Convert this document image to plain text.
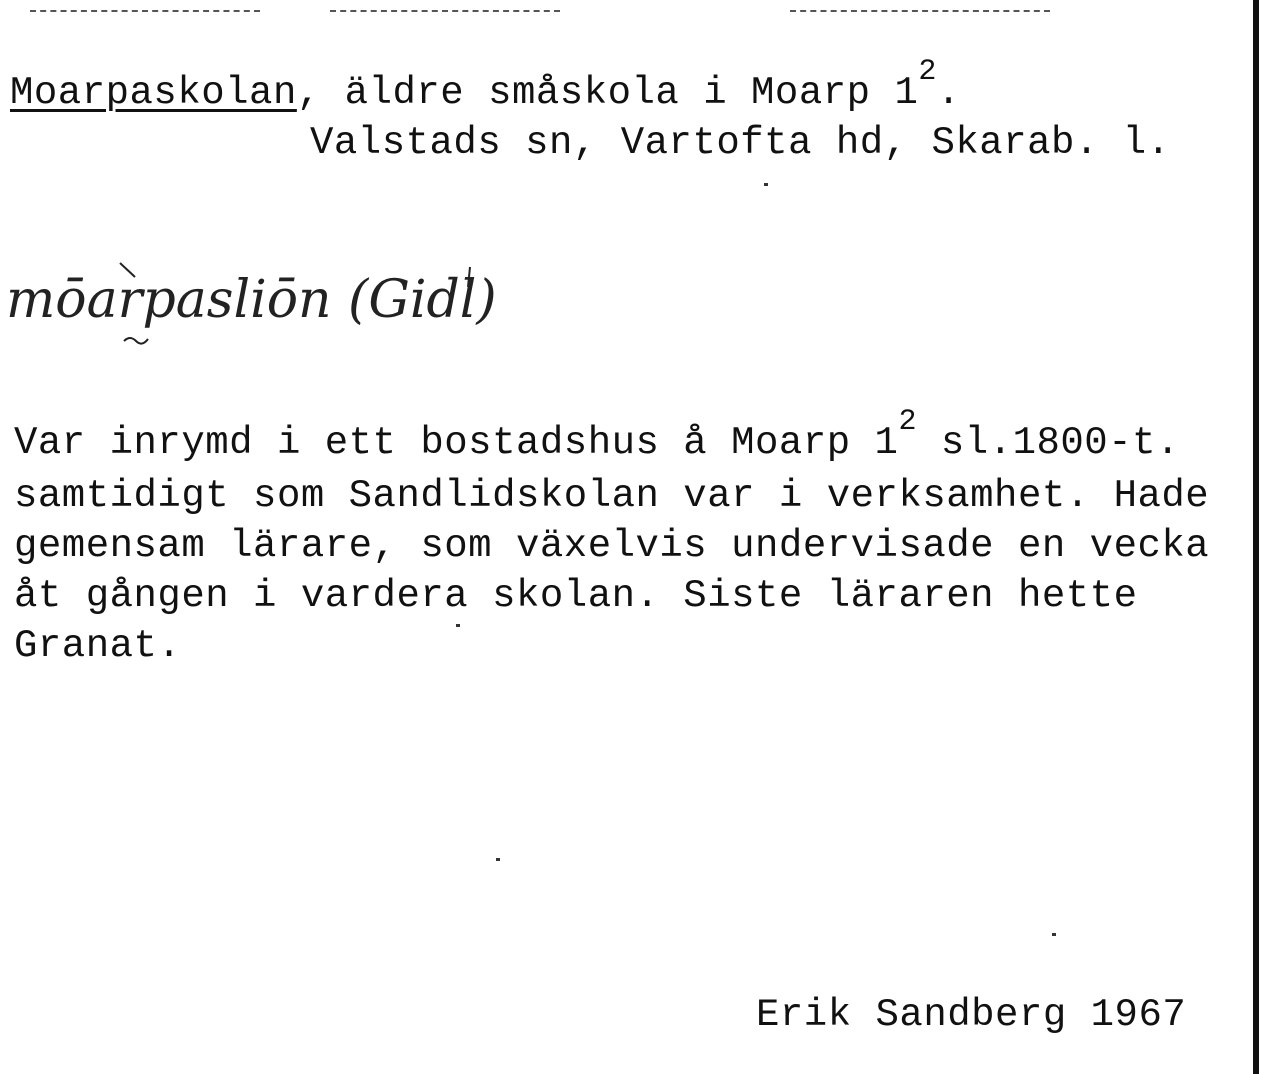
Moarpaskolan, äldre småskola i Moarp $1^2$.
Valstads sn, Vartofta hd, Skarab. l.
mōarpasliōn (Gidl)
Var inrymd i ett bostadshus å Moarp $1^2$ sl.1800-t.
samtidigt som Sandlidskolan var i verksamhet. Hade
gemensam lärare, som växelvis undervisade en vecka
åt gången i vardera skolan. Siste läraren hette
Granat.
Erik Sandberg 1967
